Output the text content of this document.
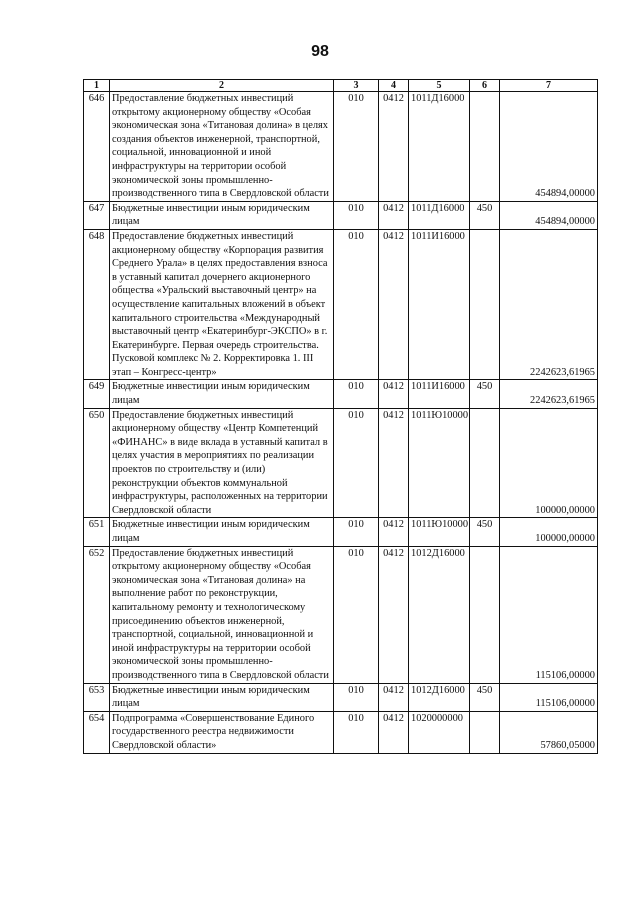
98
1	2	3	4	5	6	7
646	Предоставление бюджетных инвестиций открытому акционерному обществу «Особая экономическая зона «Титановая долина» в целях создания объектов инженерной, транспортной, социальной, инновационной и иной инфраструктуры на территории особой экономической зоны промышленно-производственного типа в Свердловской области	010	0412	1011Д16000		454894,00000
647	Бюджетные инвестиции иным юридическим лицам	010	0412	1011Д16000	450	454894,00000
648	Предоставление бюджетных инвестиций акционерному обществу «Корпорация развития Среднего Урала» в целях предоставления взноса в уставный капитал дочернего акционерного общества «Уральский выставочный центр» на осуществление капитальных вложений в объект капитального строительства «Международный выставочный центр «Екатеринбург-ЭКСПО» в г. Екатеринбурге. Первая очередь строительства. Пусковой комплекс № 2. Корректировка 1. III этап – Конгресс-центр»	010	0412	1011И16000		2242623,61965
649	Бюджетные инвестиции иным юридическим лицам	010	0412	1011И16000	450	2242623,61965
650	Предоставление бюджетных инвестиций акционерному обществу «Центр Компетенций «ФИНАНС» в виде вклада в уставный капитал в целях участия в мероприятиях по реализации проектов по строительству и (или) реконструкции объектов коммунальной инфраструктуры, расположенных на территории Свердловской области	010	0412	1011Ю10000		100000,00000
651	Бюджетные инвестиции иным юридическим лицам	010	0412	1011Ю10000	450	100000,00000
652	Предоставление бюджетных инвестиций открытому акционерному обществу «Особая экономическая зона «Титановая долина» на выполнение работ по реконструкции, капитальному ремонту и технологическому присоединению объектов инженерной, транспортной, социальной, инновационной и иной инфраструктуры на территории особой экономической зоны промышленно-производственного типа в Свердловской области	010	0412	1012Д16000		115106,00000
653	Бюджетные инвестиции иным юридическим лицам	010	0412	1012Д16000	450	115106,00000
654	Подпрограмма «Совершенствование Единого государственного реестра недвижимости Свердловской области»	010	0412	1020000000		57860,05000
